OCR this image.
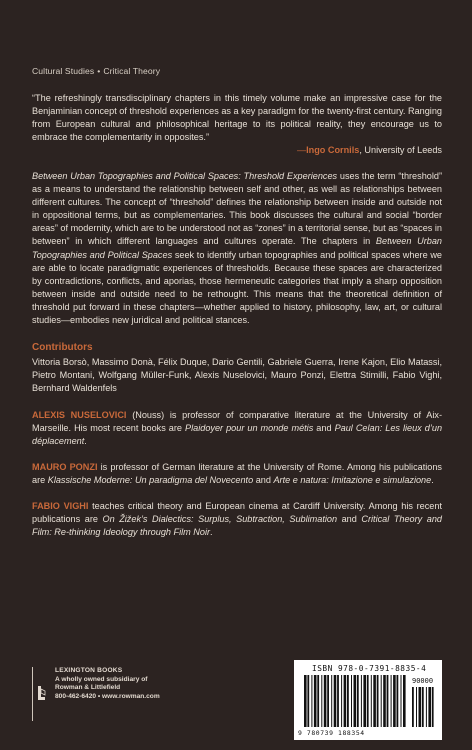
Cultural Studies • Critical Theory

“The refreshingly transdisciplinary chapters in this timely volume make an impressive case for the Benjaminian concept of threshold experiences as a key paradigm for the twenty-first century. Ranging from European cultural and philosophical heritage to its political reality, they encourage us to embrace the complementarity in opposites.”

—Ingo Cornils, University of Leeds

Between Urban Topographies and Political Spaces: Threshold Experiences uses the term “threshold” as a means to understand the relationship between self and other, as well as relationships between different cultures. The concept of “threshold” defines the relationship between inside and outside not in oppositional terms, but as complementaries. This book discusses the cultural and social “border areas” of modernity, which are to be understood not as “zones” in a territorial sense, but as “spaces in between” in which different languages and cultures operate. The chapters in Between Urban Topographies and Political Spaces seek to identify urban topographies and political spaces where we are able to locate paradigmatic experiences of thresholds. Because these spaces are characterized by contradictions, conflicts, and aporias, those hermeneutic categories that imply a sharp opposition between inside and outside need to be rethought. This means that the theoretical definition of threshold put forward in these chapters—whether applied to history, philosophy, law, art, or cultural studies—embodies new juridical and political stances.

Contributors

Vittoria Borsò, Massimo Donà, Félix Duque, Dario Gentili, Gabriele Guerra, Irene Kajon, Elio Matassi, Pietro Montani, Wolfgang Müller-Funk, Alexis Nuselovici, Mauro Ponzi, Elettra Stimilli, Fabio Vighi, Bernhard Waldenfels

ALEXIS NUSELOVICI (Nouss) is professor of comparative literature at the University of Aix-Marseille. His most recent books are Plaidoyer pour un monde métis and Paul Celan: Les lieux d’un déplacement.

MAURO PONZI is professor of German literature at the University of Rome. Among his publications are Klassische Moderne: Un paradigma del Novecento and Arte e natura: Imitazione e simulazione.

FABIO VIGHI teaches critical theory and European cinema at Cardiff University. Among his recent publications are On Žižek’s Dialectics: Surplus, Subtraction, Sublimation and Critical Theory and Film: Re-thinking Ideology through Film Noir.

LEXINGTON BOOKS
A wholly owned subsidiary of
Rowman & Littlefield
800-462-6420 • www.rowman.com
ISBN 978-0-7391-8835-4
90000
9 780739 188354
